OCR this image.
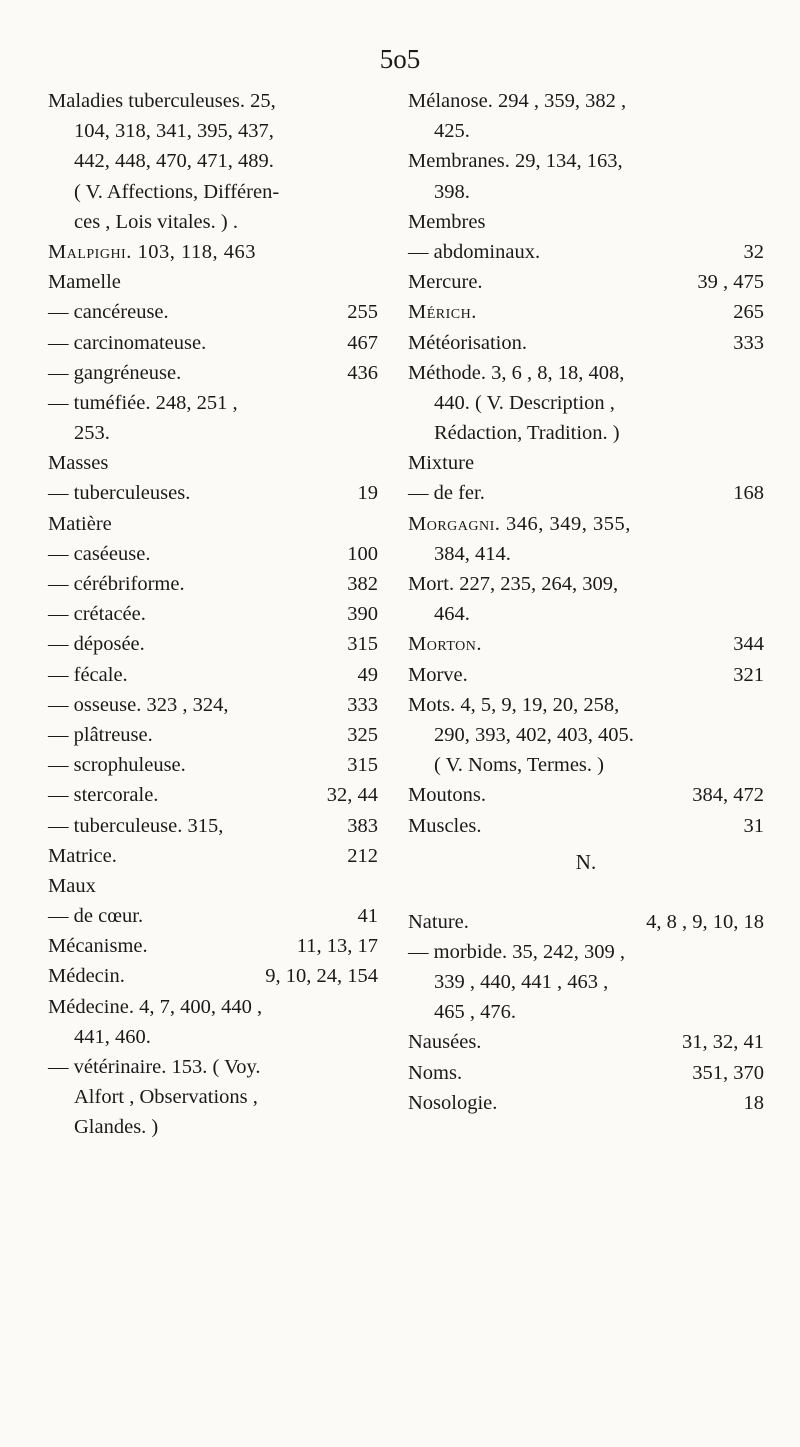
5o5
Maladies tuberculeuses. 25,
104, 318, 341, 395, 437,
442, 448, 470, 471, 489.
( V. Affections, Différen-
ces , Lois vitales. ) .
Malpighi. 103, 118, 463
Mamelle
— cancéreuse.	255
— carcinomateuse.	467
— gangréneuse.	436
— tuméfiée. 248, 251 ,
253.
Masses
— tuberculeuses.	19
Matière
— caséeuse.	100
— cérébriforme.	382
— crétacée.	390
— déposée.	315
— fécale.	49
— osseuse. 323 , 324,	333
— plâtreuse.	325
— scrophuleuse.	315
— stercorale.	32, 44
— tuberculeuse. 315,	383
Matrice.	212
Maux
— de cœur.	41
Mécanisme.	11, 13, 17
Médecin.	9, 10, 24, 154
Médecine. 4, 7, 400, 440 ,
441, 460.
— vétérinaire. 153. ( Voy.
Alfort , Observations ,
Glandes. )
Mélanose. 294 , 359, 382 ,
425.
Membranes. 29, 134, 163,
398.
Membres
— abdominaux.	32
Mercure.	39 , 475
Mérich.	265
Météorisation.	333
Méthode. 3, 6 , 8, 18, 408,
440. ( V. Description ,
Rédaction, Tradition. )
Mixture
— de fer.	168
Morgagni. 346, 349, 355,
384, 414.
Mort. 227, 235, 264, 309,
464.
Morton.	344
Morve.	321
Mots. 4, 5, 9, 19, 20, 258,
290, 393, 402, 403, 405.
( V. Noms, Termes. )
Moutons.	384, 472
Muscles.	31
N.
Nature.	4, 8 , 9, 10, 18
— morbide. 35, 242, 309 ,
339 , 440, 441 , 463 ,
465 , 476.
Nausées.	31, 32, 41
Noms.	351, 370
Nosologie.	18
